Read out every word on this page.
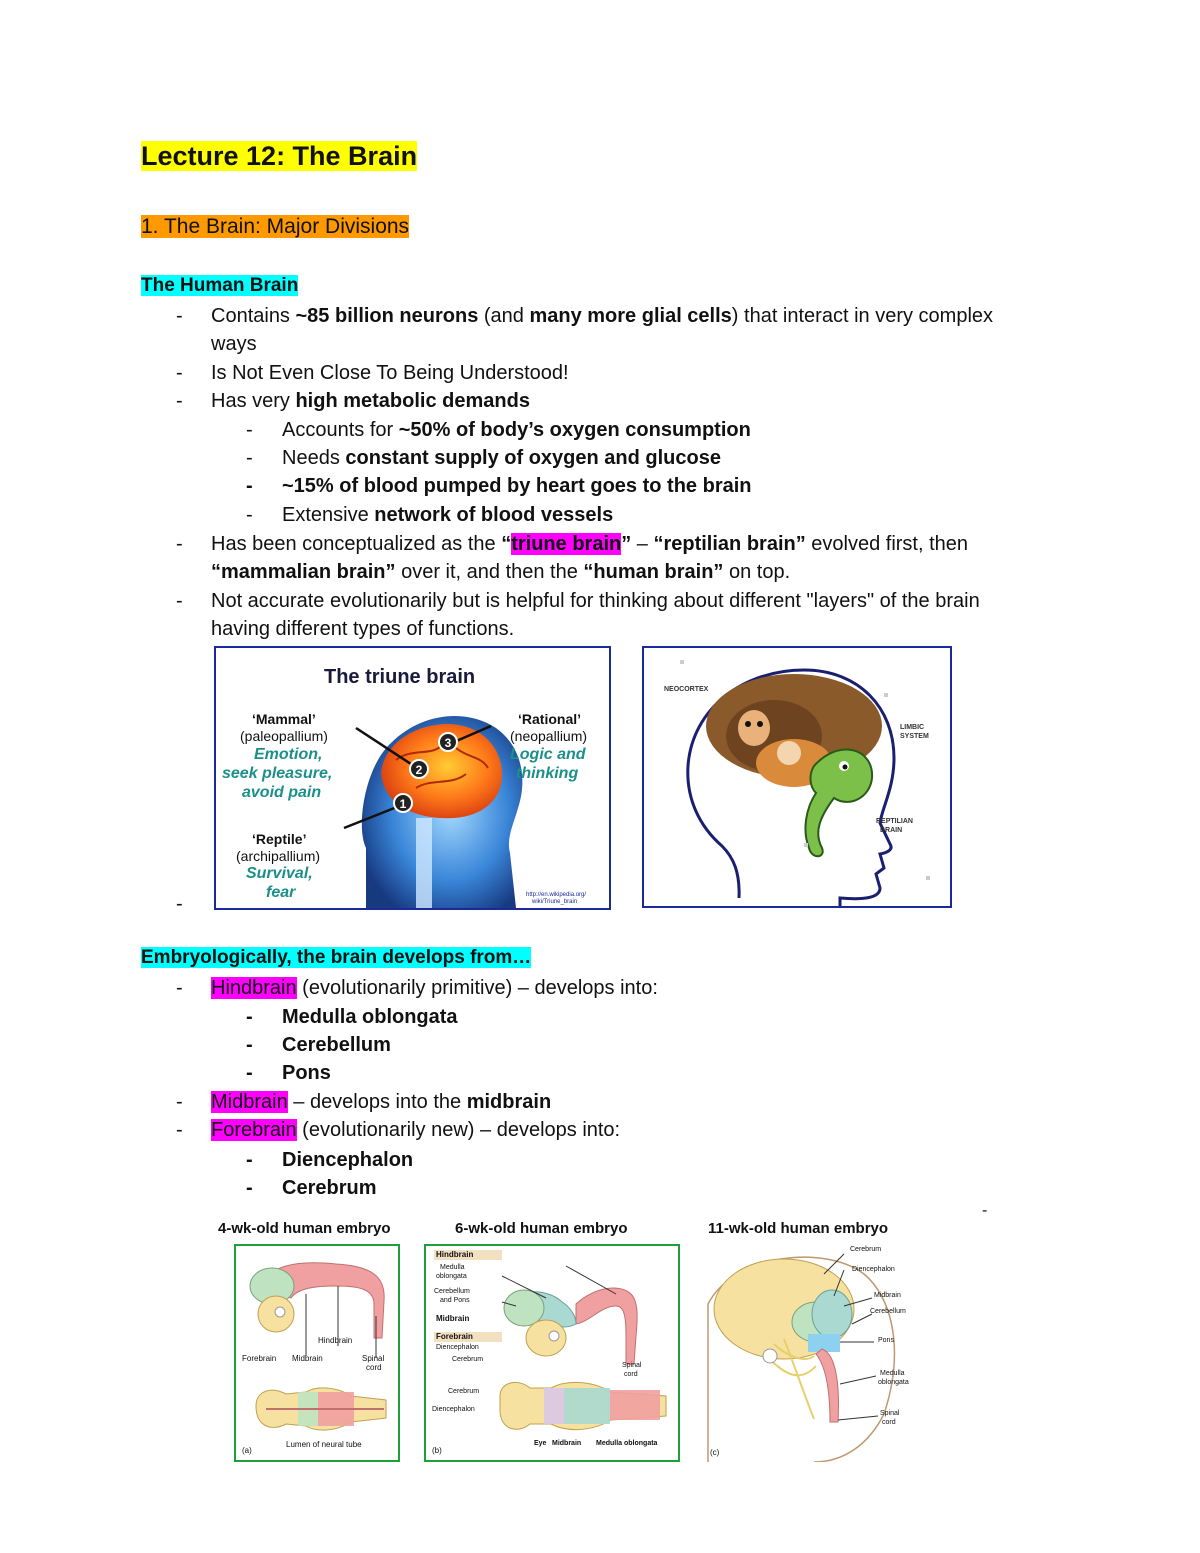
Lecture 12: The Brain
1. The Brain: Major Divisions
The Human Brain
- Contains ~85 billion neurons (and many more glial cells) that interact in very complex
ways
- Is Not Even Close To Being Understood!
- Has very high metabolic demands
- Accounts for ~50% of body’s oxygen consumption
- Needs constant supply of oxygen and glucose
- ~15% of blood pumped by heart goes to the brain
- Extensive network of blood vessels
- Has been conceptualized as the “triune brain” – “reptilian brain” evolved first, then
“mammalian brain” over it, and then the “human brain” on top.
- Not accurate evolutionarily but is helpful for thinking about different "layers" of the brain
having different types of functions.
-
3
2
1
The triune brain
‘Mammal’
(paleopallium)
Emotion,
seek pleasure,
avoid pain
‘Rational’
(neopallium)
Logic and
thinking
‘Reptile’
(archipallium)
Survival,
fear	http://en.wikipedia.org/
wiki/Triune_brain
NEOCORTEX
LIMBIC
SYSTEM
REPTILIAN
BRAIN
Embryologically, the brain develops from…
- Hindbrain (evolutionarily primitive) – develops into:
- Medulla oblongata
- Cerebellum
- Pons
- Midbrain – develops into the midbrain
- Forebrain (evolutionarily new) – develops into:
- Diencephalon
- Cerebrum
-
4-wk-old human embryo	6-wk-old human embryo	11-wk-old human embryo
Hindbrain
Forebrain Midbrain	Spinal
cord
Lumen of neural tube
(a)
Hindbrain
Medulla
oblongata
Cerebellum
and Pons
Midbrain
Forebrain
Diencephalon
Cerebrum
Spinal
cord
Cerebrum
Diencephalon
Eye Midbrain Medulla oblongata
(b)
Cerebrum
Diencephalon
Midbrain
Cerebellum
Pons
Medulla
oblongata
Spinal
cord
(c)
